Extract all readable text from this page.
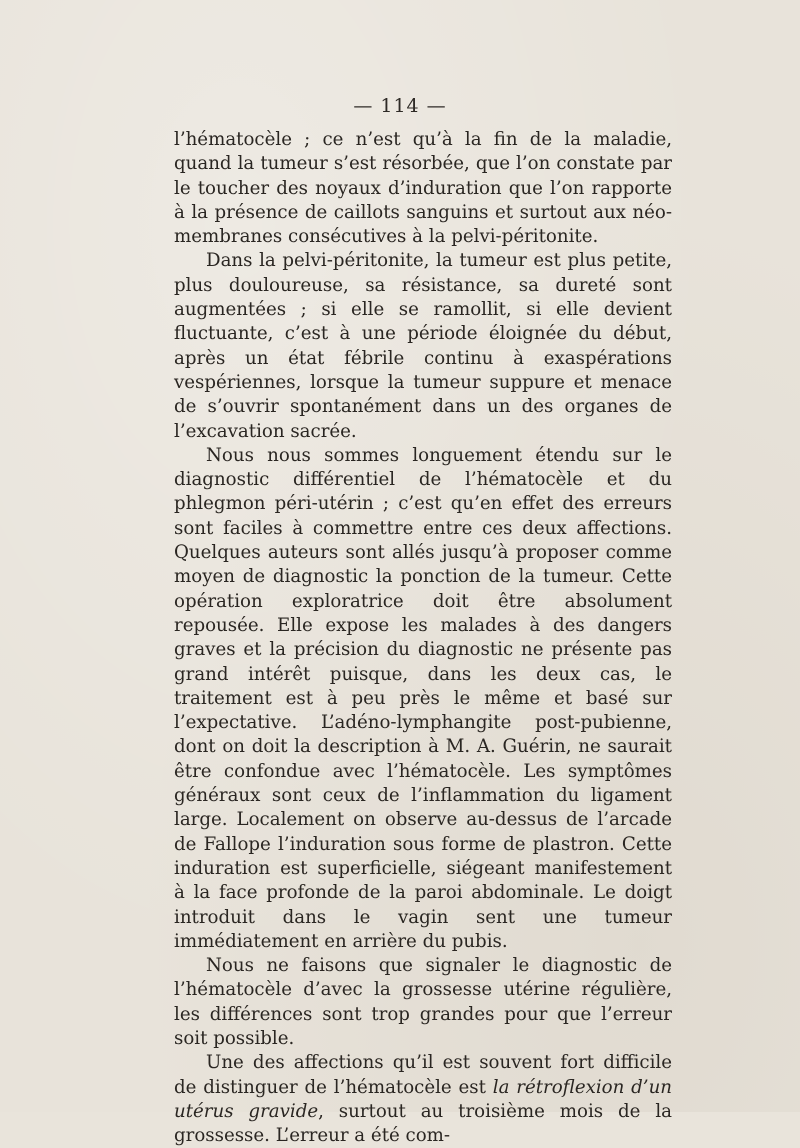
— 114 —

l’hématocèle ; ce n’est qu’à la fin de la maladie, quand la tumeur s’est résorbée, que l’on constate par le toucher des noyaux d’induration que l’on rapporte à la présence de caillots sanguins et surtout aux néo-membranes consécutives à la pelvi-péritonite.

Dans la pelvi-péritonite, la tumeur est plus petite, plus douloureuse, sa résistance, sa dureté sont augmentées ; si elle se ramollit, si elle devient fluctuante, c’est à une période éloignée du début, après un état fébrile continu à exaspérations vespériennes, lorsque la tumeur suppure et menace de s’ouvrir spontanément dans un des organes de l’excavation sacrée.

Nous nous sommes longuement étendu sur le diagnostic différentiel de l’hématocèle et du phlegmon péri-utérin ; c’est qu’en effet des erreurs sont faciles à commettre entre ces deux affections. Quelques auteurs sont allés jusqu’à proposer comme moyen de diagnostic la ponction de la tumeur. Cette opération exploratrice doit être absolument repousée. Elle expose les malades à des dangers graves et la précision du diagnostic ne présente pas grand intérêt puisque, dans les deux cas, le traitement est à peu près le même et basé sur l’expectative. L’adéno-lymphangite post-pubienne, dont on doit la description à M. A. Guérin, ne saurait être confondue avec l’hématocèle. Les symptômes généraux sont ceux de l’inflammation du ligament large. Localement on observe au-dessus de l’arcade de Fallope l’induration sous forme de plastron. Cette induration est superficielle, siégeant manifestement à la face profonde de la paroi abdominale. Le doigt introduit dans le vagin sent une tumeur immédiatement en arrière du pubis.

Nous ne faisons que signaler le diagnostic de l’hématocèle d’avec la grossesse utérine régulière, les différences sont trop grandes pour que l’erreur soit possible.

Une des affections qu’il est souvent fort difficile de distinguer de l’hématocèle est la rétroflexion d’un utérus gravide, surtout au troisième mois de la grossesse. L’erreur a été com-
